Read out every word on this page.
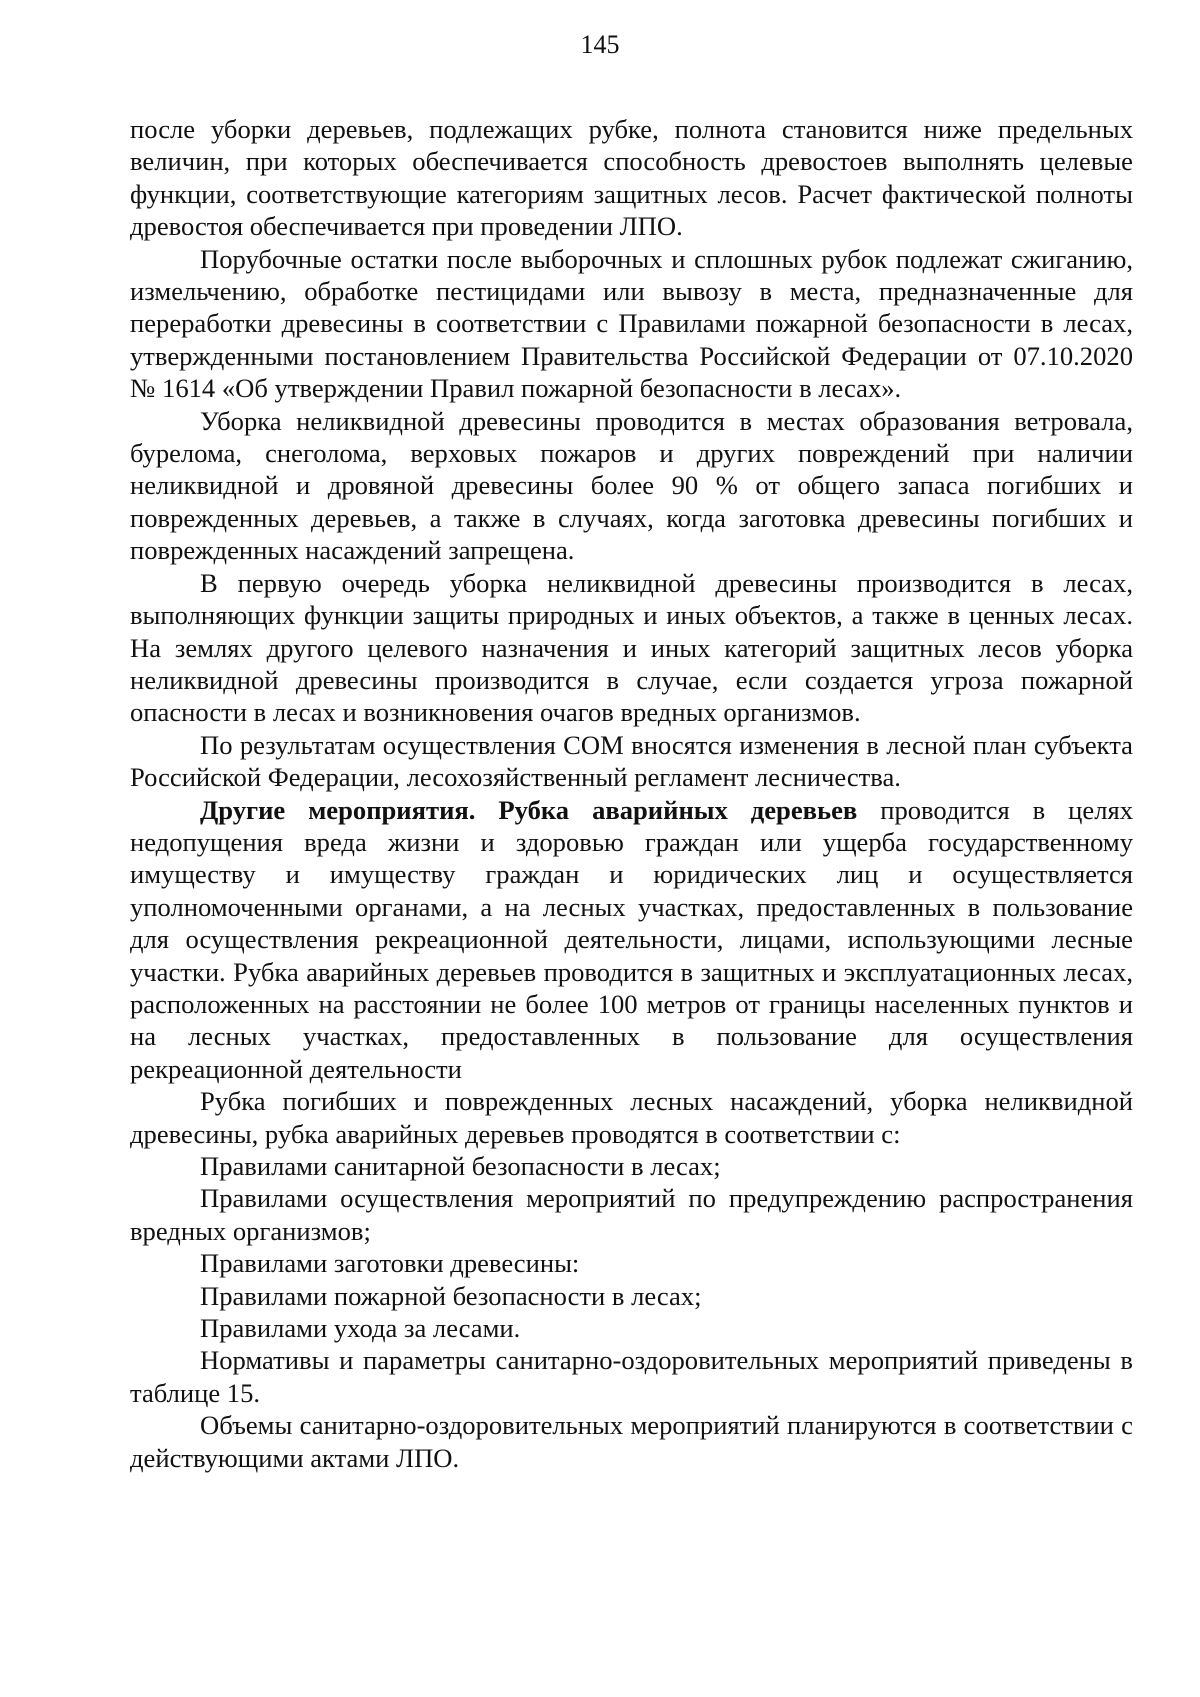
145

после уборки деревьев, подлежащих рубке, полнота становится ниже предельных величин, при которых обеспечивается способность древостоев выполнять целевые функции, соответствующие категориям защитных лесов. Расчет фактической полноты древостоя обеспечивается при проведении ЛПО.

Порубочные остатки после выборочных и сплошных рубок подлежат сжиганию, измельчению, обработке пестицидами или вывозу в места, предназначенные для переработки древесины в соответствии с Правилами пожарной безопасности в лесах, утвержденными постановлением Правительства Российской Федерации от 07.10.2020 № 1614 «Об утверждении Правил пожарной безопасности в лесах».

Уборка неликвидной древесины проводится в местах образования ветровала, бурелома, снеголома, верховых пожаров и других повреждений при наличии неликвидной и дровяной древесины более 90 % от общего запаса погибших и поврежденных деревьев, а также в случаях, когда заготовка древесины погибших и поврежденных насаждений запрещена.

В первую очередь уборка неликвидной древесины производится в лесах, выполняющих функции защиты природных и иных объектов, а также в ценных лесах. На землях другого целевого назначения и иных категорий защитных лесов уборка неликвидной древесины производится в случае, если создается угроза пожарной опасности в лесах и возникновения очагов вредных организмов.

По результатам осуществления СОМ вносятся изменения в лесной план субъекта Российской Федерации, лесохозяйственный регламент лесничества.

Другие мероприятия. Рубка аварийных деревьев проводится в целях недопущения вреда жизни и здоровью граждан или ущерба государственному имуществу и имуществу граждан и юридических лиц и осуществляется уполномоченными органами, а на лесных участках, предоставленных в пользование для осуществления рекреационной деятельности, лицами, использующими лесные участки. Рубка аварийных деревьев проводится в защитных и эксплуатационных лесах, расположенных на расстоянии не более 100 метров от границы населенных пунктов и на лесных участках, предоставленных в пользование для осуществления рекреационной деятельности

Рубка погибших и поврежденных лесных насаждений, уборка неликвидной древесины, рубка аварийных деревьев проводятся в соответствии с:

Правилами санитарной безопасности в лесах;

Правилами осуществления мероприятий по предупреждению распространения вредных организмов;

Правилами заготовки древесины:

Правилами пожарной безопасности в лесах;

Правилами ухода за лесами.

Нормативы и параметры санитарно-оздоровительных мероприятий приведены в таблице 15.

Объемы санитарно-оздоровительных мероприятий планируются в соответствии с действующими актами ЛПО.
